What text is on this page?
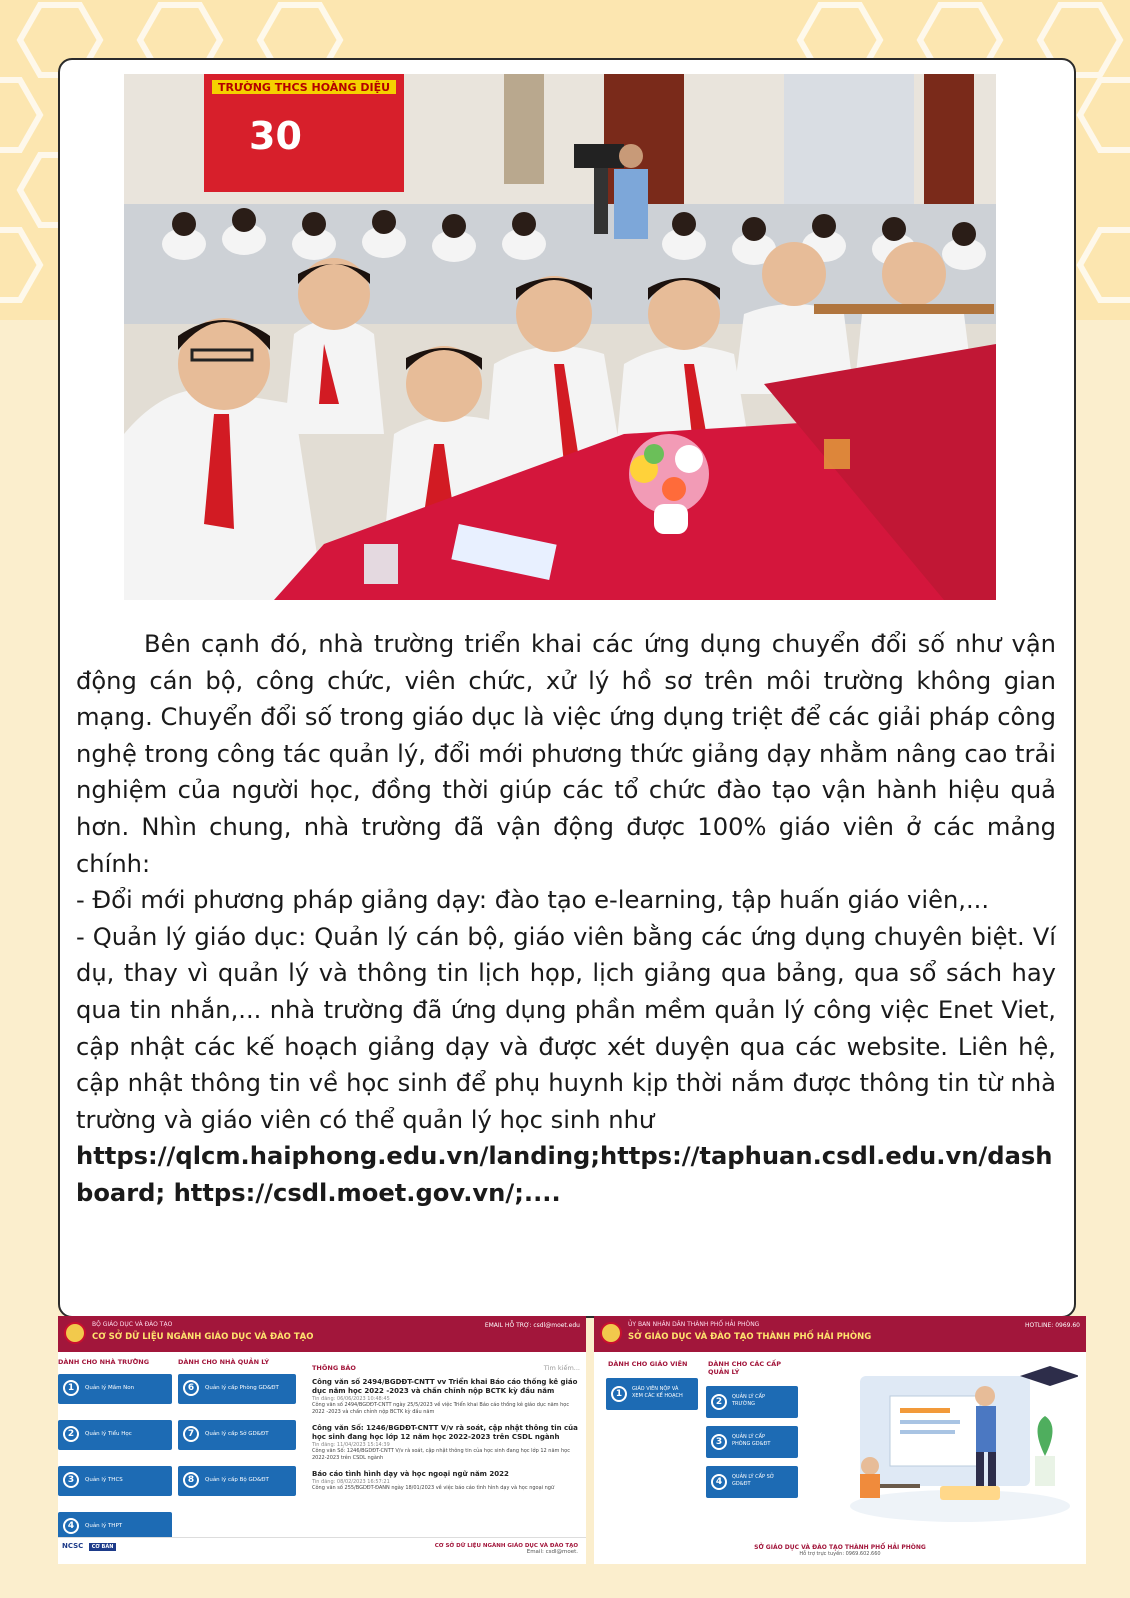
TRƯỜNG THCS HOÀNG DIỆU
30

Bên cạnh đó, nhà trường triển khai các ứng dụng chuyển đổi số như vận động cán bộ, công chức, viên chức, xử lý hồ sơ trên môi trường không gian mạng. Chuyển đổi số trong giáo dục là việc ứng dụng triệt để các giải pháp công nghệ trong công tác quản lý, đổi mới phương thức giảng dạy nhằm nâng cao trải nghiệm của người học, đồng thời giúp các tổ chức đào tạo vận hành hiệu quả hơn. Nhìn chung, nhà trường đã vận động được 100% giáo viên ở các mảng chính:

- Đổi mới phương pháp giảng dạy: đào tạo e-learning, tập huấn giáo viên,...

- Quản lý giáo dục: Quản lý cán bộ, giáo viên bằng các ứng dụng chuyên biệt. Ví dụ, thay vì quản lý và thông tin lịch họp, lịch giảng qua bảng, qua sổ sách hay qua tin nhắn,... nhà trường đã ứng dụng phần mềm quản lý công việc Enet Viet, cập nhật các kế hoạch giảng dạy và được xét duyện qua các website. Liên hệ, cập nhật thông tin về học sinh để phụ huynh kịp thời nắm được thông tin từ nhà trường và giáo viên có thể quản lý học sinh như

https://qlcm.haiphong.edu.vn/landing;https://taphuan.csdl.edu.vn/dashboard; https://csdl.moet.gov.vn/;....

BỘ GIÁO DỤC VÀ ĐÀO TẠO
CƠ SỞ DỮ LIỆU NGÀNH GIÁO DỤC VÀ ĐÀO TẠO
EMAIL HỖ TRỢ: csdl@moet.edu
DÀNH CHO NHÀ TRƯỜNG	DÀNH CHO NHÀ QUẢN LÝ
1	Quản lý Mầm Non
2	Quản lý Tiểu Học
3	Quản lý THCS
4	Quản lý THPT
6	Quản lý cấp Phòng GD&ĐT
7	Quản lý cấp Sở GD&ĐT
8	Quản lý cấp Bộ GD&ĐT
THÔNG BÁO	Tìm kiếm...
Công văn số 2494/BGDĐT-CNTT vv Triển khai Báo cáo thống kê giáo dục năm học 2022 -2023 và chấn chỉnh nộp BCTK kỳ đầu năm
Tin đăng: 06/06/2023 10:48:45
Công văn số 2494/BGDĐT-CNTT ngày 25/5/2023 về việc Triển khai Báo cáo thống kê giáo dục năm học 2022 -2023 và chấn chỉnh nộp BCTK kỳ đầu năm
Công văn Số: 1246/BGDĐT-CNTT V/v rà soát, cập nhật thông tin của học sinh đang học lớp 12 năm học 2022-2023 trên CSDL ngành
Tin đăng: 11/04/2023 15:14:39
Công văn Số: 1246/BGDĐT-CNTT V/v rà soát, cập nhật thông tin của học sinh đang học lớp 12 năm học 2022-2023 trên CSDL ngành
Báo cáo tình hình dạy và học ngoại ngữ năm 2022
Tin đăng: 08/02/2023 16:57:21
Công văn số 255/BGDĐT-ĐANN ngày 18/01/2023 về việc báo cáo tình hình dạy và học ngoại ngữ
NCSC CƠ BẢN	CƠ SỞ DỮ LIỆU NGÀNH GIÁO DỤC VÀ ĐÀO TẠO
Email: csdl@moet.
ỦY BAN NHÂN DÂN THÀNH PHỐ HẢI PHÒNG
SỞ GIÁO DỤC VÀ ĐÀO TẠO THÀNH PHỐ HẢI PHÒNG
HOTLINE: 0969.60
DÀNH CHO GIÁO VIÊN	DÀNH CHO CÁC CẤP QUẢN LÝ
1	GIÁO VIÊN NỘP VÀ XEM CÁC KẾ HOẠCH
2	QUẢN LÝ CẤP TRƯỜNG
3	QUẢN LÝ CẤP PHÒNG GD&ĐT
4	QUẢN LÝ CẤP SỞ GD&ĐT
SỞ GIÁO DỤC VÀ ĐÀO TẠO THÀNH PHỐ HẢI PHÒNG
Hỗ trợ trực tuyến: 0969.602.660
